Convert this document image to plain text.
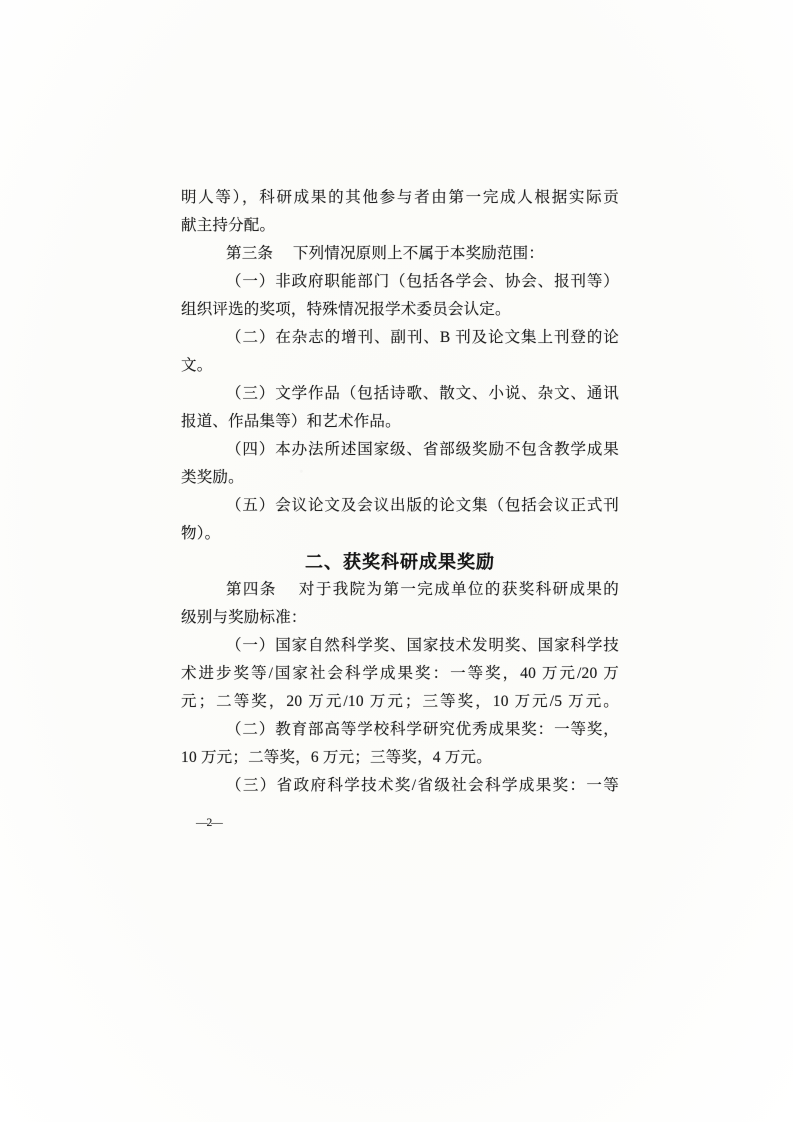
明人等），科研成果的其他参与者由第一完成人根据实际贡
献主持分配。
第三条　 下列情况原则上不属于本奖励范围：
（一）非政府职能部门（包括各学会、协会、报刊等）
组织评选的奖项，特殊情况报学术委员会认定。
（二）在杂志的增刊、副刊、B 刊及论文集上刊登的论
文。
（三）文学作品（包括诗歌、散文、小说、杂文、通讯
报道、作品集等）和艺术作品。
（四）本办法所述国家级、省部级奖励不包含教学成果
类奖励。
（五）会议论文及会议出版的论文集（包括会议正式刊
物）。
二、获奖科研成果奖励
第四条　 对于我院为第一完成单位的获奖科研成果的
级别与奖励标准：
（一）国家自然科学奖、国家技术发明奖、国家科学技
术进步奖等/国家社会科学成果奖：一等奖，40 万元/20 万
元；二等奖，20 万元/10 万元；三等奖，10 万元/5 万元。
（二）教育部高等学校科学研究优秀成果奖：一等奖，
10 万元；二等奖，6 万元；三等奖，4 万元。
（三）省政府科学技术奖/省级社会科学成果奖：一等
—2—
